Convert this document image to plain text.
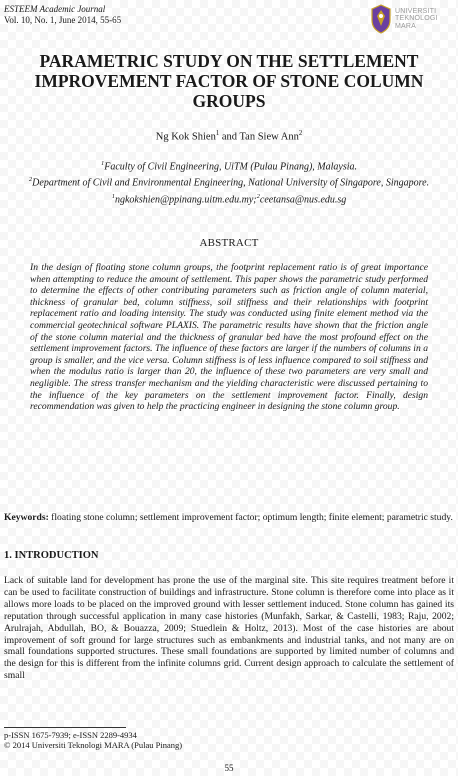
ESTEEM Academic Journal
Vol. 10, No. 1, June 2014, 55-65
UNIVERSITI
TEKNOLOGI
MARA
PARAMETRIC STUDY ON THE SETTLEMENT IMPROVEMENT FACTOR OF STONE COLUMN GROUPS
Ng Kok Shien$^1$ and Tan Siew Ann$^2$
$^1$Faculty of Civil Engineering, UiTM (Pulau Pinang), Malaysia.
$^2$Department of Civil and Environmental Engineering, National University of Singapore, Singapore.
$^1$ngkokshien@ppinang.uitm.edu.my;$^2$ceetansa@nus.edu.sg
ABSTRACT
In the design of floating stone column groups, the footprint replacement ratio is of great importance when attempting to reduce the amount of settlement. This paper shows the parametric study performed to determine the effects of other contributing parameters such as friction angle of column material, thickness of granular bed, column stiffness, soil stiffness and their relationships with footprint replacement ratio and loading intensity. The study was conducted using finite element method via the commercial geotechnical software PLAXIS. The parametric results have shown that the friction angle of the stone column material and the thickness of granular bed have the most profound effect on the settlement improvement factors. The influence of these factors are larger if the numbers of columns in a group is smaller, and the vice versa. Column stiffness is of less influence compared to soil stiffness and when the modulus ratio is larger than 20, the influence of these two parameters are very small and negligible. The stress transfer mechanism and the yielding characteristic were discussed pertaining to the influence of the key parameters on the settlement improvement factor. Finally, design recommendation was given to help the practicing engineer in designing the stone column group.
Keywords: floating stone column; settlement improvement factor; optimum length; finite element; parametric study.
1. INTRODUCTION
Lack of suitable land for development has prone the use of the marginal site. This site requires treatment before it can be used to facilitate construction of buildings and infrastructure. Stone column is therefore come into place as it allows more loads to be placed on the improved ground with lesser settlement induced. Stone column has gained its reputation through successful application in many case histories (Munfakh, Sarkar, & Castelli, 1983; Raju, 2002; Arulrajah, Abdullah, BO, & Bouazza, 2009; Stuedlein & Holtz, 2013). Most of the case histories are about improvement of soft ground for large structures such as embankments and industrial tanks, and not many are on small foundations supported structures. These small foundations are supported by limited number of columns and the design for this is different from the infinite columns grid. Current design approach to calculate the settlement of small
p-ISSN 1675-7939; e-ISSN 2289-4934
© 2014 Universiti Teknologi MARA (Pulau Pinang)
55
